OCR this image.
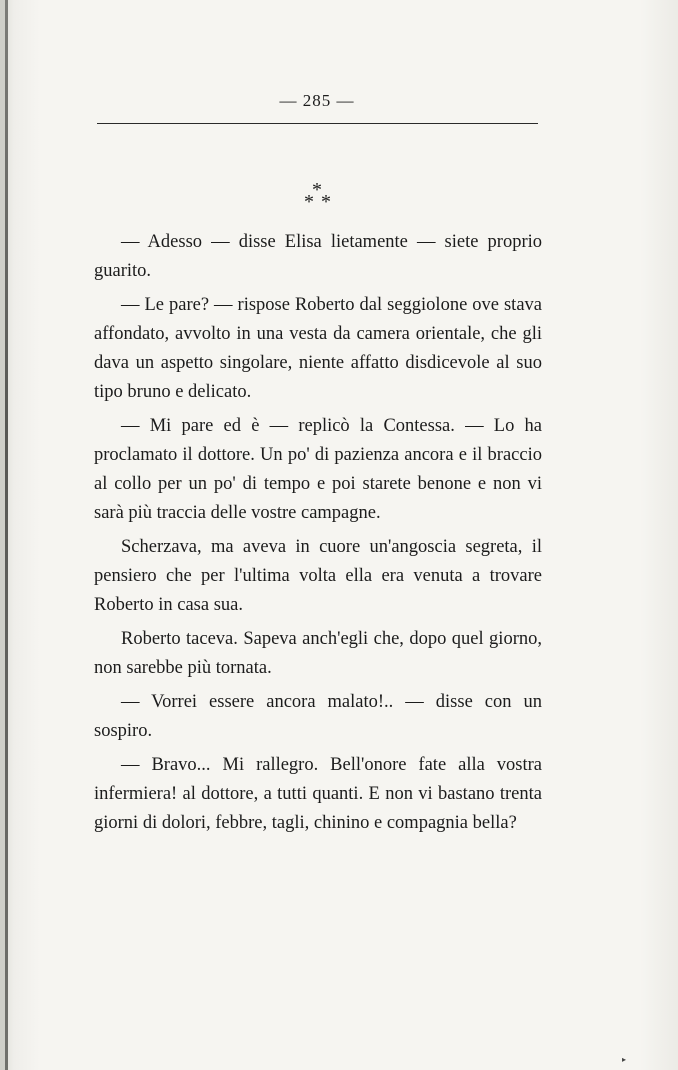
— 285 —
*
* *

— Adesso — disse Elisa lietamente — siete proprio guarito.

— Le pare? — rispose Roberto dal seggiolone ove stava affondato, avvolto in una vesta da camera orientale, che gli dava un aspetto singolare, niente affatto disdicevole al suo tipo bruno e delicato.

— Mi pare ed è — replicò la Contessa. — Lo ha proclamato il dottore. Un po' di pazienza ancora e il braccio al collo per un po' di tempo e poi starete benone e non vi sarà più traccia delle vostre campagne.

Scherzava, ma aveva in cuore un'angoscia segreta, il pensiero che per l'ultima volta ella era venuta a trovare Roberto in casa sua.

Roberto taceva. Sapeva anch'egli che, dopo quel giorno, non sarebbe più tornata.

— Vorrei essere ancora malato!.. — disse con un sospiro.

— Bravo... Mi rallegro. Bell'onore fate alla vostra infermiera! al dottore, a tutti quanti. E non vi bastano trenta giorni di dolori, febbre, tagli, chinino e compagnia bella?

▸
